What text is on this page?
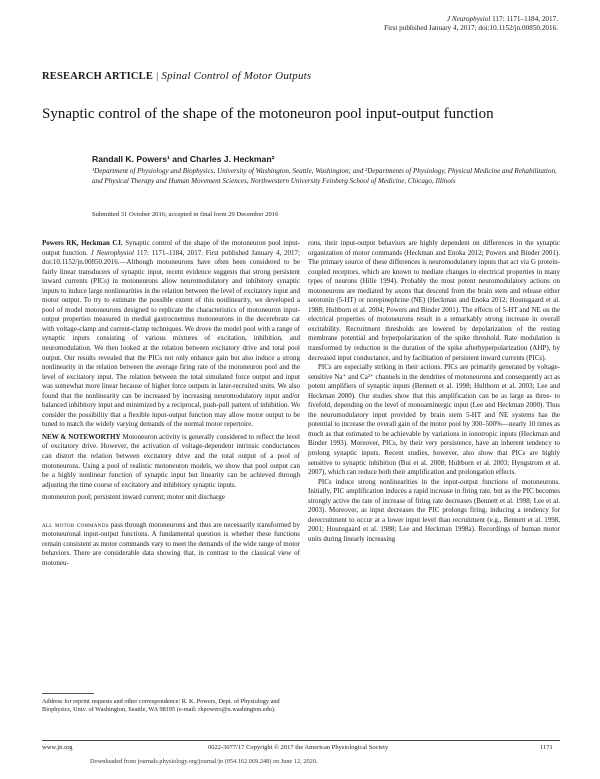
J Neurophysiol 117: 1171–1184, 2017.
First published January 4, 2017; doi:10.1152/jn.00850.2016.
RESEARCH ARTICLE | Spinal Control of Motor Outputs
Synaptic control of the shape of the motoneuron pool input-output function
Randall K. Powers¹ and Charles J. Heckman²
¹Department of Physiology and Biophysics, University of Washington, Seattle, Washington; and ²Departments of Physiology, Physical Medicine and Rehabilitation, and Physical Therapy and Human Movement Sciences, Northwestern University Feinberg School of Medicine, Chicago, Illinois
Submitted 31 October 2016; accepted in final form 29 December 2016

Powers RK, Heckman CJ. Synaptic control of the shape of the motoneuron pool input-output function. J Neurophysiol 117: 1171–1184, 2017. First published January 4, 2017; doi:10.1152/jn.00850.2016.—Although motoneurons have often been considered to be fairly linear transducers of synaptic input, recent evidence suggests that strong persistent inward currents (PICs) in motoneurons allow neuromodulatory and inhibitory synaptic inputs to induce large nonlinearities in the relation between the level of excitatory input and motor output. To try to estimate the possible extent of this nonlinearity, we developed a pool of model motoneurons designed to replicate the characteristics of motoneuron input-output properties measured in medial gastrocnemius motoneurons in the decerebrate cat with voltage-clamp and current-clamp techniques. We drove the model pool with a range of synaptic inputs consisting of various mixtures of excitation, inhibition, and neuromodulation. We then looked at the relation between excitatory drive and total pool output. Our results revealed that the PICs not only enhance gain but also induce a strong nonlinearity in the relation between the average firing rate of the motoneuron pool and the level of excitatory input. The relation between the total simulated force output and input was somewhat more linear because of higher force outputs in later-recruited units. We also found that the nonlinearity can be increased by increasing neuromodulatory input and/or balanced inhibitory input and minimized by a reciprocal, push-pull pattern of inhibition. We consider the possibility that a flexible input-output function may allow motor output to be tuned to match the widely varying demands of the normal motor repertoire.

NEW & NOTEWORTHY Motoneuron activity is generally considered to reflect the level of excitatory drive. However, the activation of voltage-dependent intrinsic conductances can distort the relation between excitatory drive and the total output of a pool of motoneurons. Using a pool of realistic motoneuron models, we show that pool output can be a highly nonlinear function of synaptic input but linearity can be achieved through adjusting the time course of excitatory and inhibitory synaptic inputs.

motoneuron pool; persistent inward current; motor unit discharge

all motor commands pass through motoneurons and thus are necessarily transformed by motoneuronal input-output functions. A fundamental question is whether these functions remain consistent as motor commands vary to meet the demands of the wide range of motor behaviors. There are considerable data showing that, in contrast to the classical view of motoneu-

rons, their input-output behaviors are highly dependent on differences in the synaptic organization of motor commands (Heckman and Enoka 2012; Powers and Binder 2001). The primary source of these differences is neuromodulatory inputs that act via G protein-coupled receptors, which are known to mediate changes in electrical properties in many types of neurons (Hille 1994). Probably the most potent neuromodulatory actions on motoneurons are mediated by axons that descend from the brain stem and release either serotonin (5-HT) or norepinephrine (NE) (Heckman and Enoka 2012; Hounsgaard et al. 1988; Hultborn et al. 2004; Powers and Binder 2001). The effects of 5-HT and NE on the electrical properties of motoneurons result in a remarkably strong increase in overall excitability. Recruitment thresholds are lowered by depolarization of the resting membrane potential and hyperpolarization of the spike threshold. Rate modulation is transformed by reduction in the duration of the spike afterhyperpolarization (AHP), by decreased input conductance, and by facilitation of persistent inward currents (PICs).

PICs are especially striking in their actions. PICs are primarily generated by voltage-sensitive Na⁺ and Ca²⁺ channels in the dendrites of motoneurons and consequently act as potent amplifiers of synaptic inputs (Bennett et al. 1998; Hultborn et al. 2003; Lee and Heckman 2000). Our studies show that this amplification can be as large as three- to fivefold, depending on the level of monoaminergic input (Lee and Heckman 2000). Thus the neuromodulatory input provided by brain stem 5-HT and NE systems has the potential to increase the overall gain of the motor pool by 300–500%—nearly 10 times as much as that estimated to be achievable by variations in ionotropic inputs (Heckman and Binder 1993). Moreover, PICs, by their very persistence, have an inherent tendency to prolong synaptic inputs. Recent studies, however, also show that PICs are highly sensitive to synaptic inhibition (Bui et al. 2008; Hultborn et al. 2003; Hyngstrom et al. 2007), which can reduce both their amplification and prolongation effects.

PICs induce strong nonlinearities in the input-output functions of motoneurons. Initially, PIC amplification induces a rapid increase in firing rate, but as the PIC becomes strongly active the rate of increase of firing rate decreases (Bennett et al. 1998; Lee et al. 2003). Moreover, as input decreases the PIC prolongs firing, inducing a tendency for derecruitment to occur at a lower input level than recruitment (e.g., Bennett et al. 1998, 2001; Hounsgaard et al. 1988; Lee and Heckman 1998a). Recordings of human motor units during linearly increasing

Address for reprint requests and other correspondence: R. K. Powers, Dept. of Physiology and Biophysics, Univ. of Washington, Seattle, WA 98195 (e-mail: rkpowers@u.washington.edu).
www.jn.org	0022-3077/17 Copyright © 2017 the American Physiological Society	1171
Downloaded from journals.physiology.org/journal/jn (054.162.069.248) on June 12, 2020.
